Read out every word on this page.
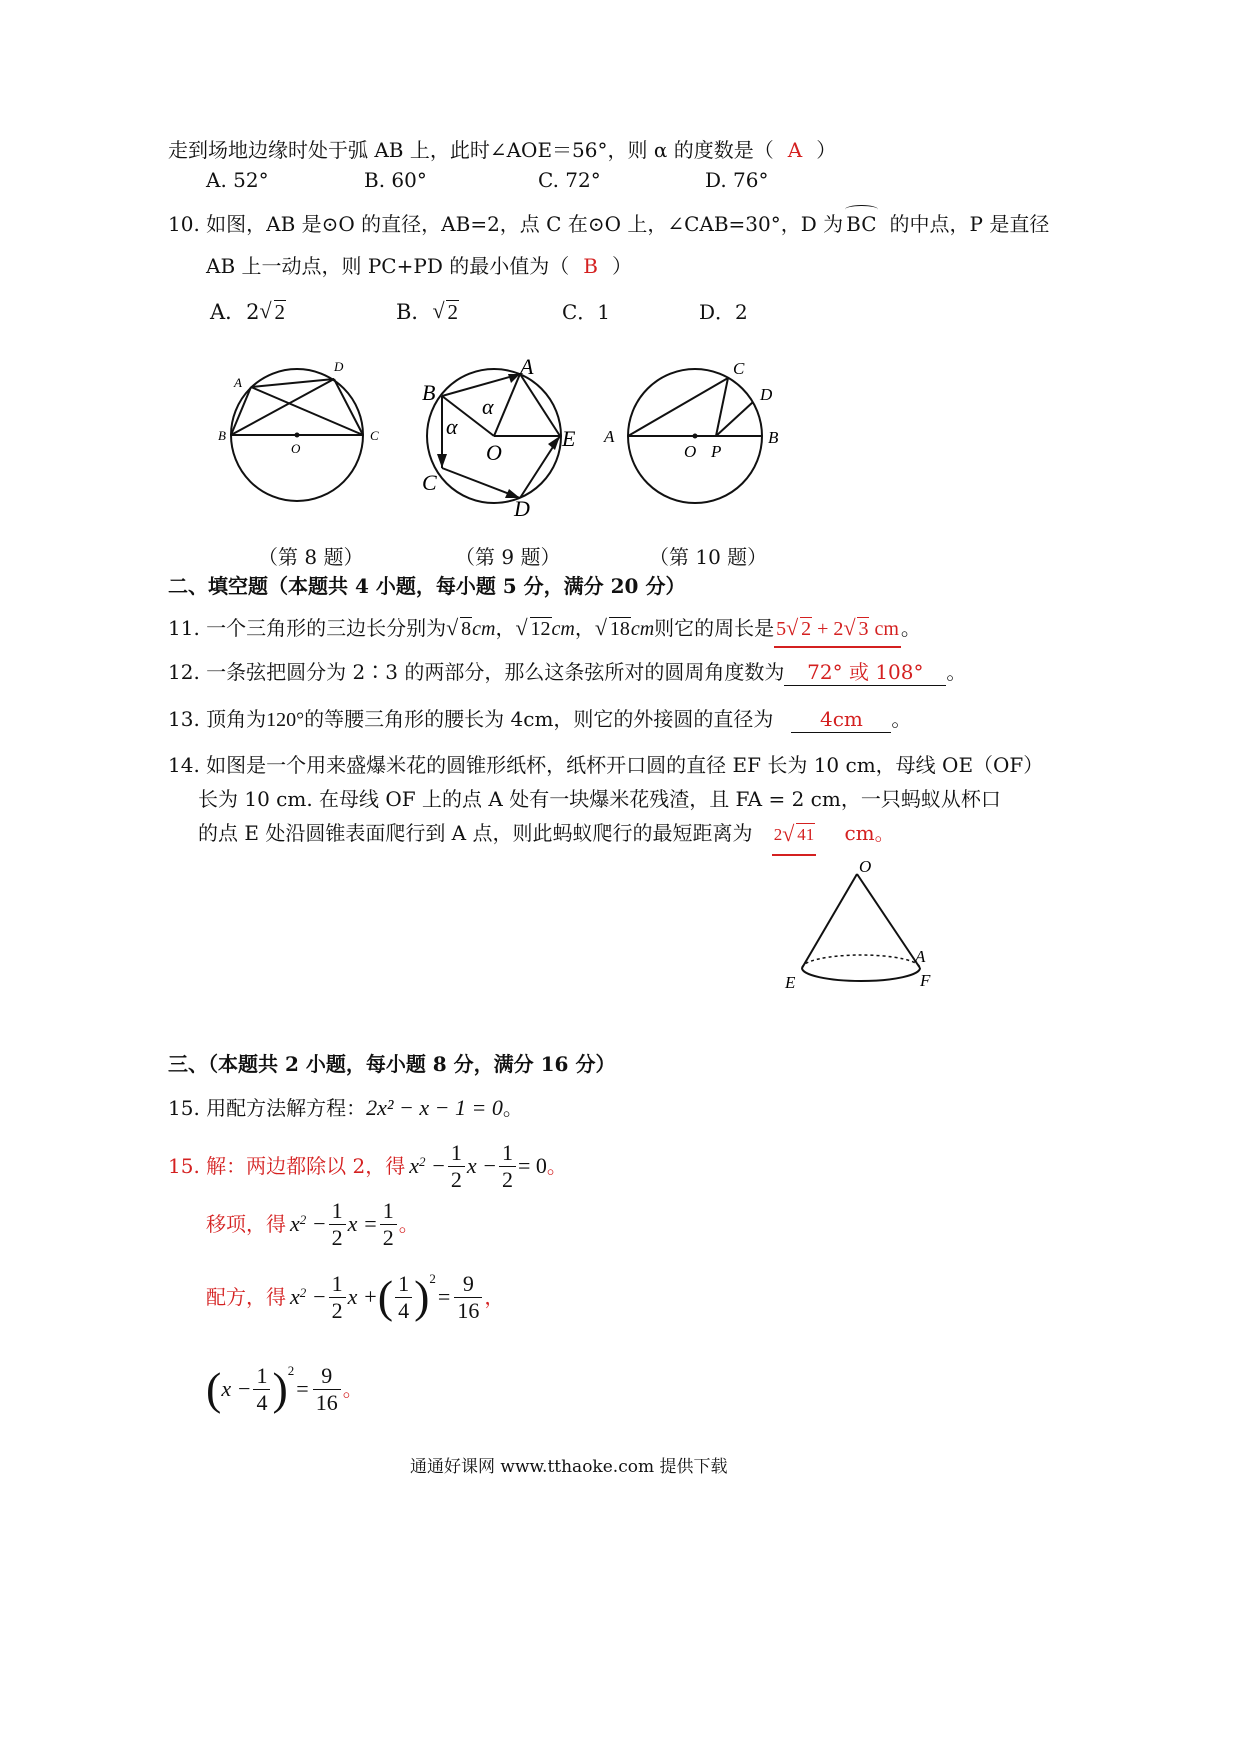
走到场地边缘时处于弧 AB 上，此时∠AOE＝56°，则 α 的度数是（ A ）
A. 52°	B. 60°	C. 72°	D. 76°
10. 如图，AB 是⊙O 的直径，AB=2，点 C 在⊙O 上，∠CAB=30°，D 为 BC 的中点，P 是直径
AB 上一动点，则 PC+PD 的最小值为（ B ）
A．2 √ 2	B． √ 2	C．1	D．2
A
D
B	C
O
A
B
C
D
E
O
α
α	A
C
D
B
O P
（第 8 题）	（第 9 题）	（第 10 题）
二、填空题（本题共 4 小题，每小题 5 分，满分 20 分）
11. 一个三角形的三边长分别为 √ 8cm， √ 12cm， √ 18cm则它的周长是 5 √ 2 + 2 √ 3 cm 。
12. 一条弦把圆分为 2∶3 的两部分，那么这条弦所对的圆周角度数为 72° 或 108° 。
13. 顶角为120°的等腰三角形的腰长为 4cm，则它的外接圆的直径为 4cm 。
14. 如图是一个用来盛爆米花的圆锥形纸杯，纸杯开口圆的直径 EF 长为 10 cm，母线 OE（OF）
长为 10 cm. 在母线 OF 上的点 A 处有一块爆米花残渣，且 FA = 2 cm，一只蚂蚁从杯口
的点 E 处沿圆锥表面爬行到 A 点，则此蚂蚁爬行的最短距离为 2 √ 41 cm。
O
A
E	F
三、（本题共 2 小题，每小题 8 分，满分 16 分）
15. 用配方法解方程：2x² − x − 1 = 0。
15. 解：两边都除以 2，得 $x^2 - \frac{1}{2}$ $x - \frac{1}{2} = 0$ 。
移项，得 $x^2 - \frac{1}{2}$ $x = \frac{1}{2}$ 。
配方，得 $x^2 - \frac{1}{2}$ x + ( $\frac{1}{4}$ ) 2
= $\frac{9}{16}$ ，
( $x - \frac{1}{4}$ ) 2
= $\frac{9}{16}$ 。
通通好课网 www.tthaoke.com 提供下载
